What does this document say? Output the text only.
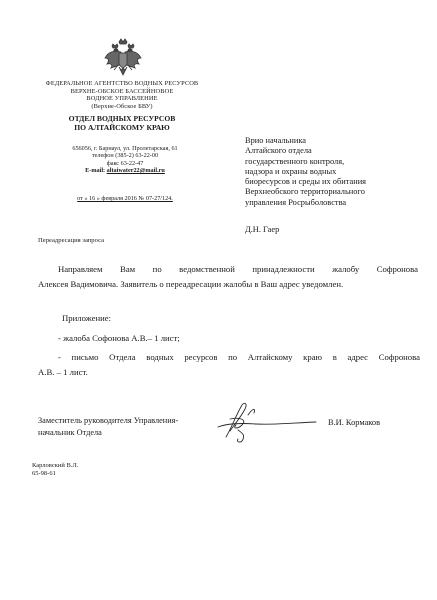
ФЕДЕРАЛЬНОЕ АГЕНТСТВО ВОДНЫХ РЕСУРСОВ
ВЕРХНЕ-ОБСКОЕ БАССЕЙНОВОЕ
ВОДНОЕ УПРАВЛЕНИЕ
(Верхне-Обское БВУ)
ОТДЕЛ ВОДНЫХ РЕСУРСОВ
ПО АЛТАЙСКОМУ КРАЮ
656056, г. Барнаул, ул. Пролетарская, 61
телефон (385-2) 63-22-00
факс 63-22-47
E-mail: altaiwater22@mail.ru
от « 16 » февраля 2016 № 07-27/124.
Врио начальника
Алтайского отдела
государственного контроля,
надзора и охраны водных
биоресурсов и среды их обитания
Верхнеобского территориального
управления Росрыболовства
Д.Н. Гаер
Переадресация запроса
Направляем Вам по ведомственной принадлежности жалобу Софронова
Алексея Вадимовича. Заявитель о переадресации жалобы в Ваш адрес уведомлен.
Приложение:
- жалоба Софонова А.В.– 1 лист;
- письмо Отдела водных ресурсов по Алтайскому краю в адрес Софронова
А.В. – 1 лист.
Заместитель руководителя Управления-
начальник Отдела
В.И. Кормаков
Карловский В.Л.
65-98-61
